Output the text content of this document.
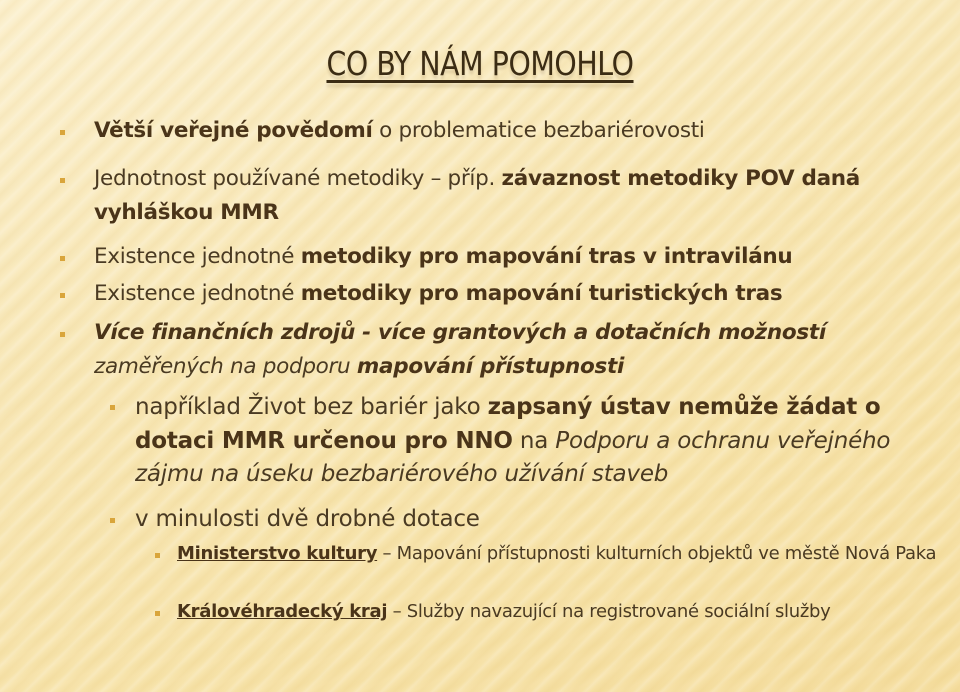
CO BY NÁM POMOHLO
Větší veřejné povědomí o problematice bezbariérovosti
Jednotnost používané metodiky – příp. závaznost metodiky POV daná vyhláškou MMR
Existence jednotné metodiky pro mapování tras v intravilánu
Existence jednotné metodiky pro mapování turistických tras
Více finančních zdrojů - více grantových a dotačních možností zaměřených na podporu mapování přístupnosti
například Život bez bariér jako zapsaný ústav nemůže žádat o dotaci MMR určenou pro NNO na Podporu a ochranu veřejného zájmu na úseku bezbariérového užívání staveb
v minulosti dvě drobné dotace
Ministerstvo kultury – Mapování přístupnosti kulturních objektů ve městě Nová Paka
Královéhradecký kraj – Služby navazující na registrované sociální služby
